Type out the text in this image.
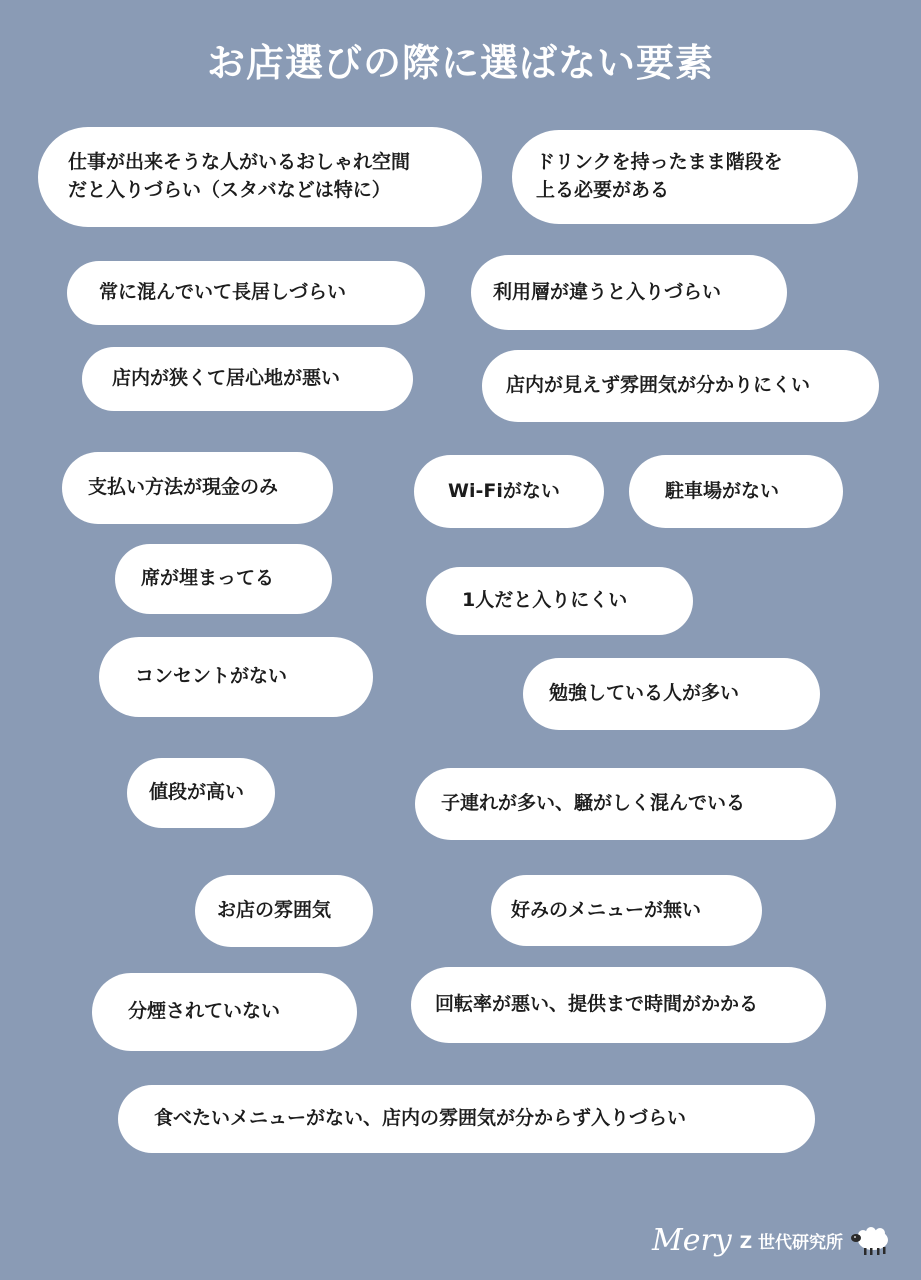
お店選びの際に選ばない要素
仕事が出来そうな人がいるおしゃれ空間
だと入りづらい（スタバなどは特に）
ドリンクを持ったまま階段を
上る必要がある
常に混んでいて長居しづらい	利用層が違うと入りづらい
店内が狭くて居心地が悪い	店内が見えず雰囲気が分かりにくい
支払い方法が現金のみ	Wi-Fiがない	駐車場がない
席が埋まってる
1人だと入りにくい
コンセントがない
勉強している人が多い
値段が高い	子連れが多い、騒がしく混んでいる
お店の雰囲気	好みのメニューが無い
分煙されていない	回転率が悪い、提供まで時間がかかる
食べたいメニューがない、店内の雰囲気が分からず入りづらい
Mery Z 世代研究所
